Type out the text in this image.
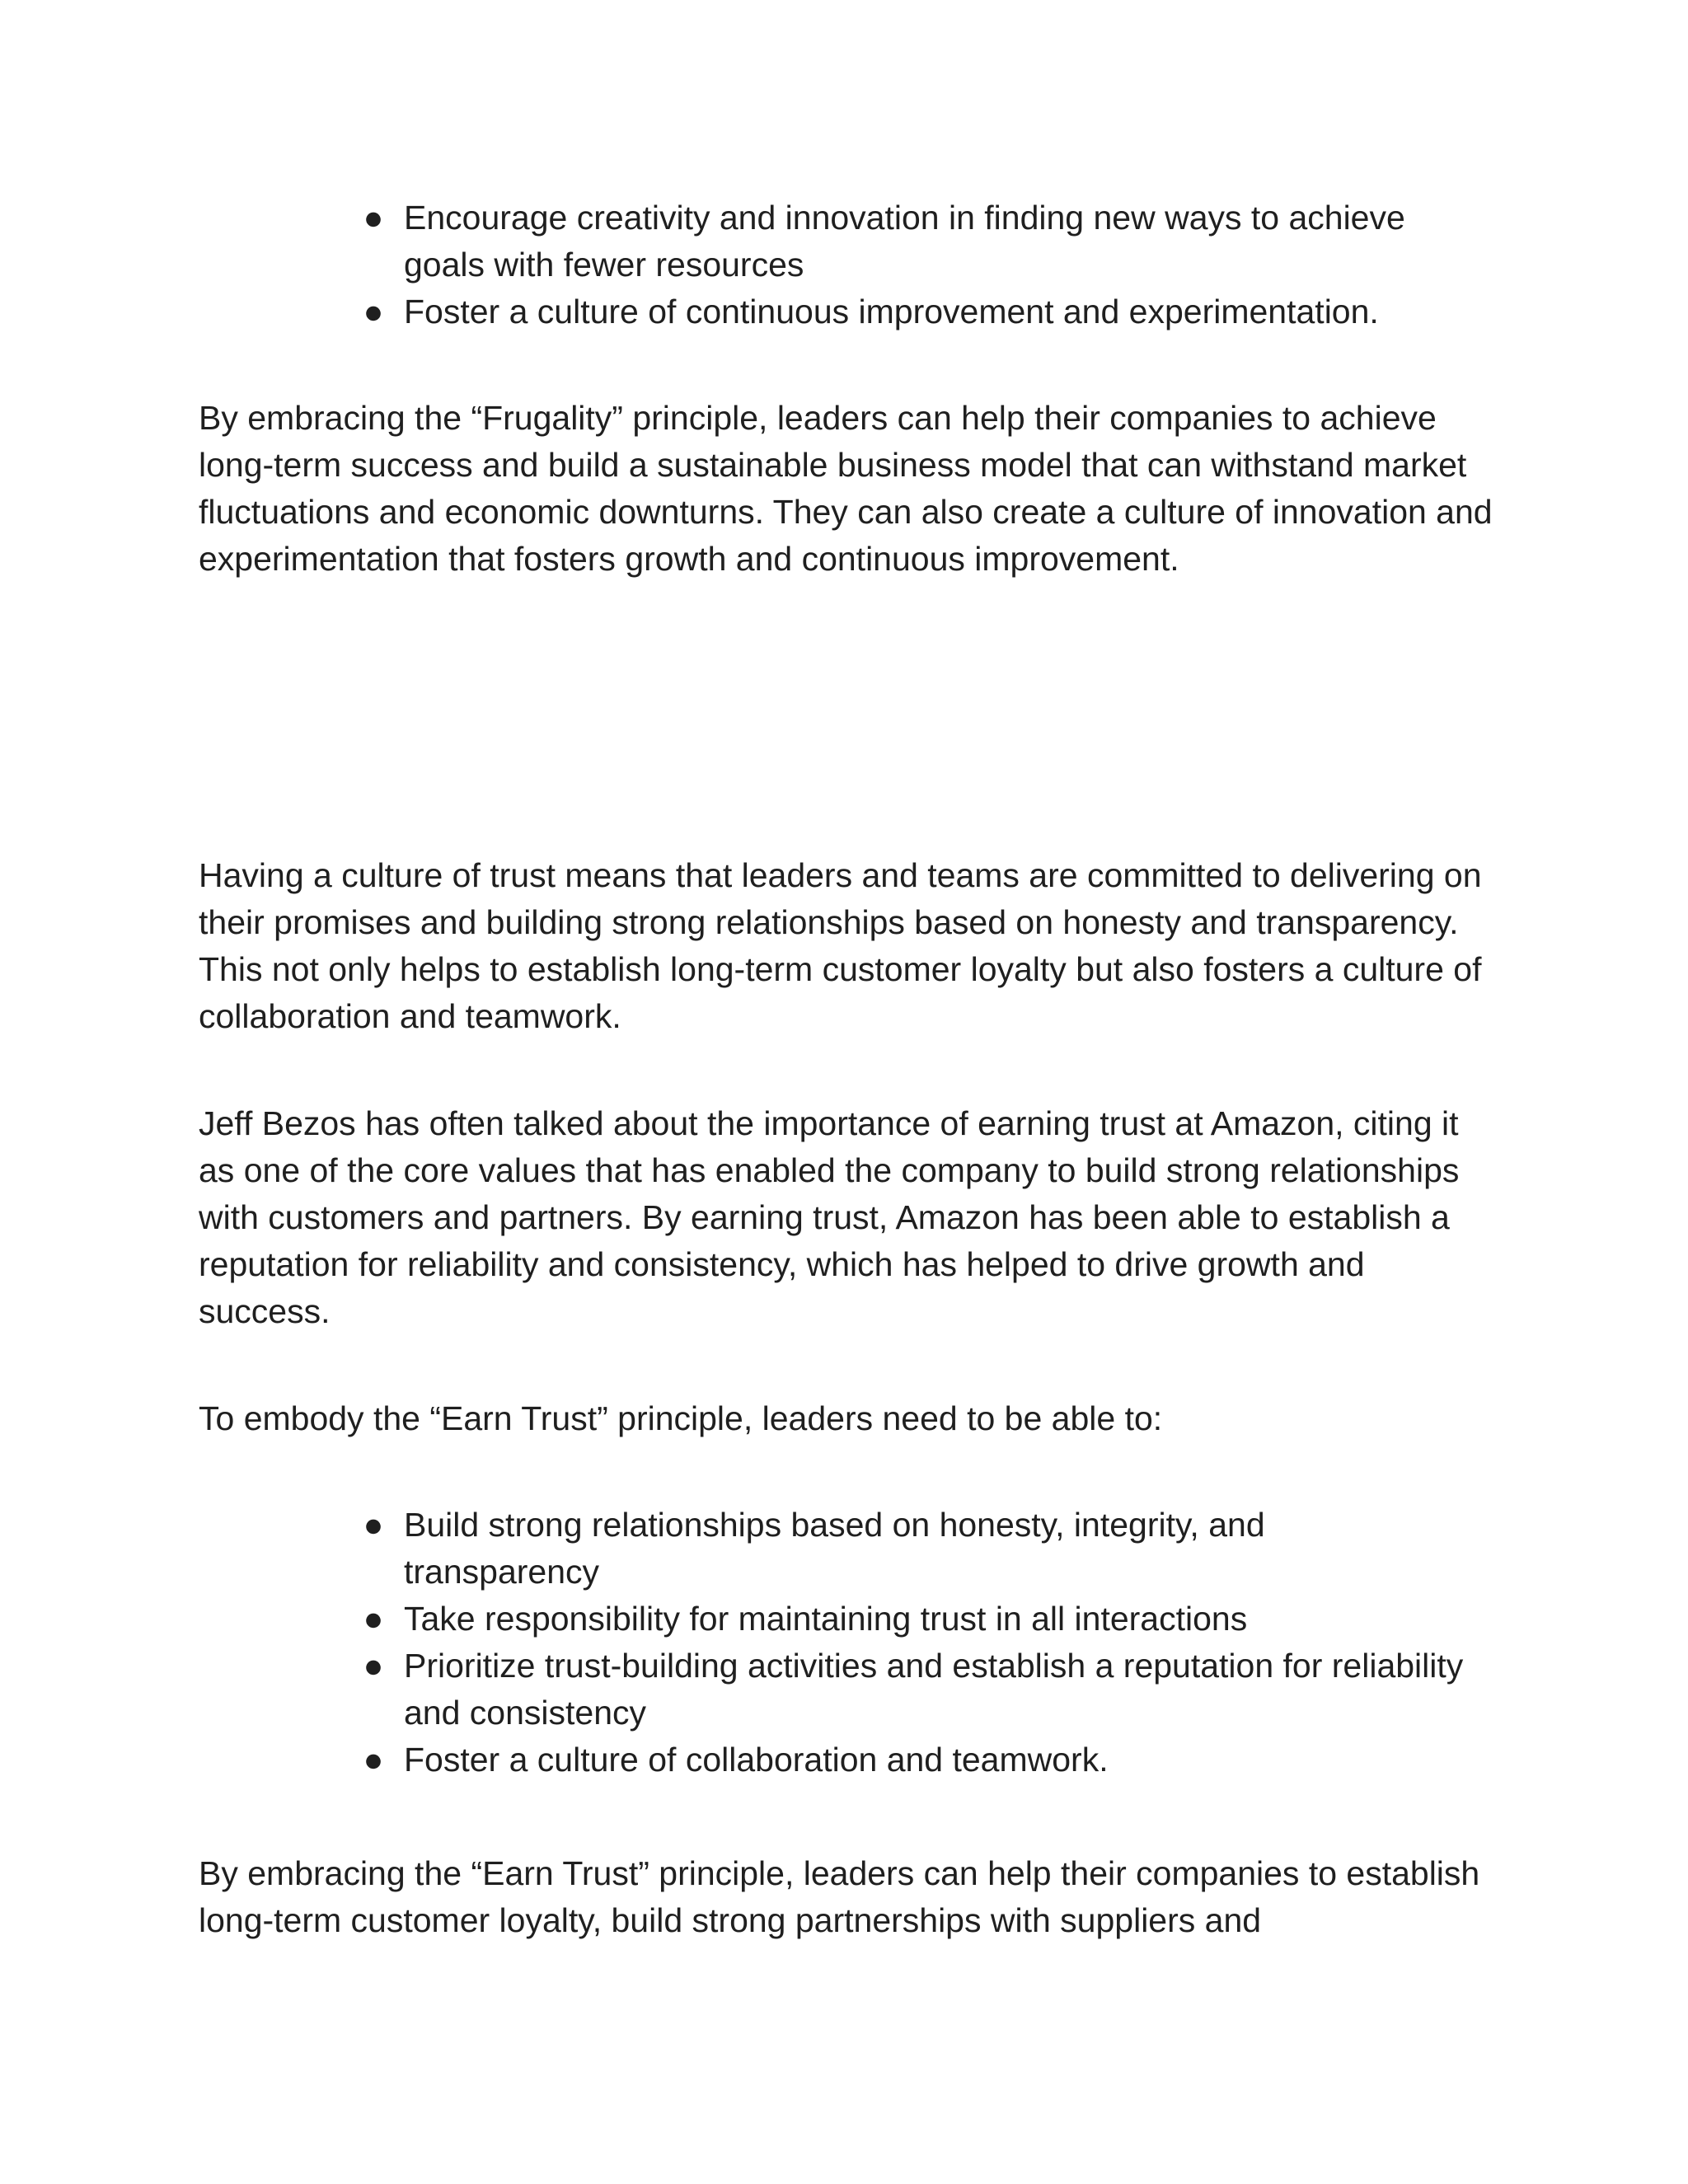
● Encourage creativity and innovation in finding new ways to achieve goals with fewer resources
● Foster a culture of continuous improvement and experimentation.

By embracing the “Frugality” principle, leaders can help their companies to achieve long-term success and build a sustainable business model that can withstand market fluctuations and economic downturns. They can also create a culture of innovation and experimentation that fosters growth and continuous improvement.

Having a culture of trust means that leaders and teams are committed to delivering on their promises and building strong relationships based on honesty and transparency. This not only helps to establish long-term customer loyalty but also fosters a culture of collaboration and teamwork.

Jeff Bezos has often talked about the importance of earning trust at Amazon, citing it as one of the core values that has enabled the company to build strong relationships with customers and partners. By earning trust, Amazon has been able to establish a reputation for reliability and consistency, which has helped to drive growth and success.

To embody the “Earn Trust” principle, leaders need to be able to:

● Build strong relationships based on honesty, integrity, and transparency
● Take responsibility for maintaining trust in all interactions
● Prioritize trust-building activities and establish a reputation for reliability and consistency
● Foster a culture of collaboration and teamwork.

By embracing the “Earn Trust” principle, leaders can help their companies to establish long-term customer loyalty, build strong partnerships with suppliers and
